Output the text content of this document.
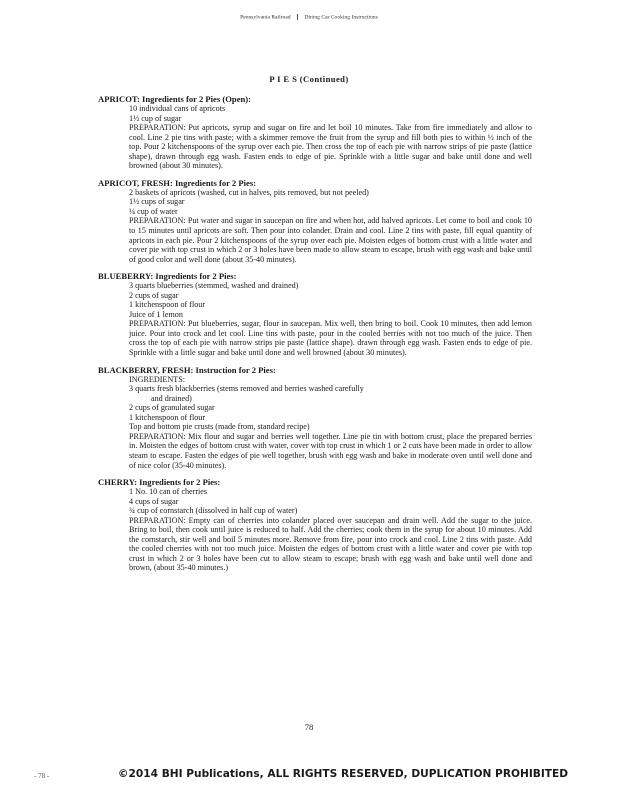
Pennsylvania Railroad Dining Car Cooking Instructions
P I E S (Continued)
APRICOT: Ingredients for 2 Pies (Open):
10 individual cans of apricots
1½ cup of sugar
PREPARATION: Put apricots, syrup and sugar on fire and let boil 10 minutes. Take from fire immediately and allow to cool. Line 2 pie tins with paste; with a skimmer remove the fruit from the syrup and fill both pies to within ½ inch of the top. Pour 2 kitchenspoons of the syrup over each pie. Then cross the top of each pie with narrow strips of pie paste (lattice shape), drawn through egg wash. Fasten ends to edge of pie. Sprinkle with a little sugar and bake until done and well browned (about 30 minutes).
APRICOT, FRESH: Ingredients for 2 Pies:
2 baskets of apricots (washed, cut in halves, pits removed, but not peeled)
1½ cups of sugar
¼ cup of water
PREPARATION: Put water and sugar in saucepan on fire and when hot, add halved apricots. Let come to boil and cook 10 to 15 minutes until apricots are soft. Then pour into colander. Drain and cool. Line 2 tins with paste, fill equal quantity of apricots in each pie. Pour 2 kitchenspoons of the syrup over each pie. Moisten edges of bottom crust with a little water and cover pie with top crust in which 2 or 3 holes have been made to allow steam to escape, brush with egg wash and bake until of good color and well done (about 35-40 minutes).
BLUEBERRY: Ingredients for 2 Pies:
3 quarts blueberries (stemmed, washed and drained)
2 cups of sugar
1 kitchenspoon of flour
Juice of 1 lemon
PREPARATION: Put blueberries, sugar, flour in saucepan. Mix well, then bring to boil. Cook 10 minutes, then add lemon juice. Pour into crock and let cool. Line tins with paste, pour in the cooled berries with not too much of the juice. Then cross the top of each pie with narrow strips pie paste (lattice shape). drawn through egg wash. Fasten ends to edge of pie. Sprinkle with a little sugar and bake until done and well browned (about 30 minutes).
BLACKBERRY, FRESH: Instruction for 2 Pies:
INGREDIENTS:
3 quarts fresh blackberries (stems removed and berries washed carefully
and drained)
2 cups of granulated sugar
1 kitchenspoon of flour
Top and bottom pie crusts (made from, standard recipe)
PREPARATION: Mix flour and sugar and berries well together. Line pie tin with bottom crust, place the prepared berries in. Moisten the edges of bottom crust with water, cover with top crust in which 1 or 2 cuts have been made in order to allow steam to escape. Fasten the edges of pie well together, brush with egg wash and bake in moderate oven until well done and of nice color (35-40 minutes).
CHERRY: Ingredients for 2 Pies:
1 No. 10 can of cherries
4 cups of sugar
¾ cup of cornstarch (dissolved in half cup of water)
PREPARATION: Empty can of cherries into colander placed over saucepan and drain well. Add the sugar to the juice. Bring to boil, then cook until juice is reduced to half. Add the cherries; cook them in the syrup for about 10 minutes. Add the cornstarch, stir well and boil 5 minutes more. Remove from fire, pour into crock and cool. Line 2 tins with paste. Add the cooled cherries with not too much juice. Moisten the edges of bottom crust with a little water and cover pie with top crust in which 2 or 3 holes have been cut to allow steam to escape; brush with egg wash and bake until well done and brown, (about 35-40 minutes.)
78
- 78 -	©2014 BHI Publications, ALL RIGHTS RESERVED, DUPLICATION PROHIBITED
